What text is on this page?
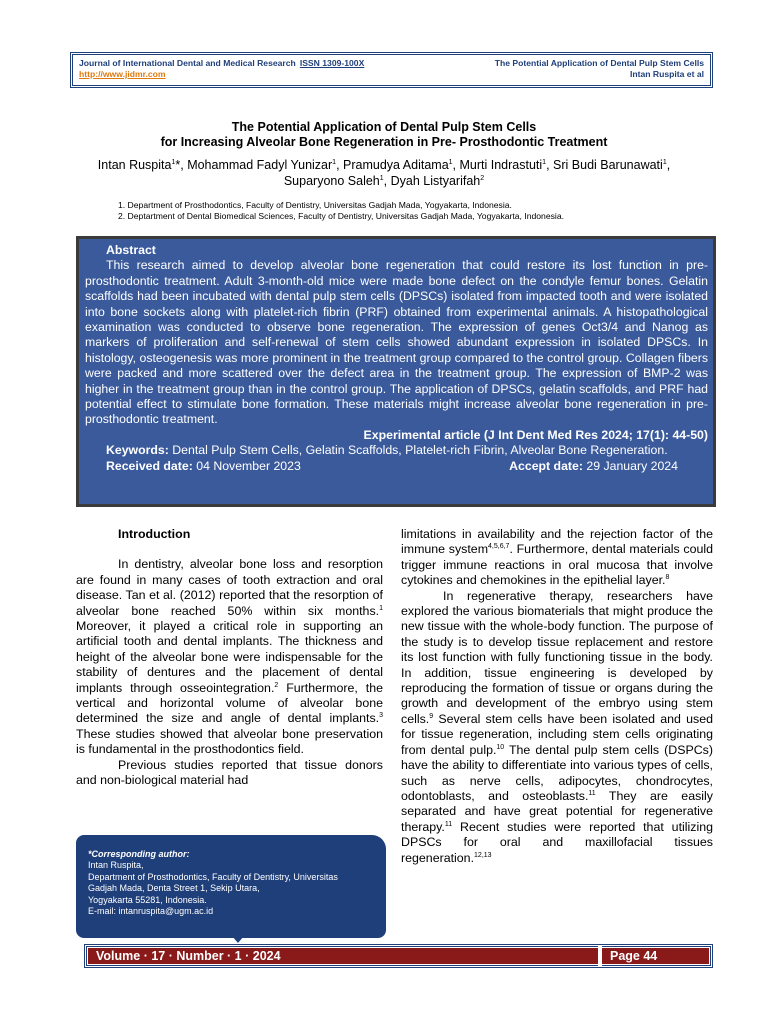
Journal of International Dental and Medical Research ISSN 1309-100X	The Potential Application of Dental Pulp Stem Cells
http://www.jidmr.com	Intan Ruspita et al
The Potential Application of Dental Pulp Stem Cells
for Increasing Alveolar Bone Regeneration in Pre- Prosthodontic Treatment
Intan Ruspita$^1$*, Mohammad Fadyl Yunizar$^1$, Pramudya Aditama$^1$, Murti Indrastuti$^1$, Sri Budi Barunawati$^1$, Suparyono Saleh$^1$, Dyah Listyarifah$^2$
1. Department of Prosthodontics, Faculty of Dentistry, Universitas Gadjah Mada, Yogyakarta, Indonesia.
2. Deptartment of Dental Biomedical Sciences, Faculty of Dentistry, Universitas Gadjah Mada, Yogyakarta, Indonesia.
Abstract
This research aimed to develop alveolar bone regeneration that could restore its lost function in pre-prosthodontic treatment. Adult 3-month-old mice were made bone defect on the condyle femur bones. Gelatin scaffolds had been incubated with dental pulp stem cells (DPSCs) isolated from impacted tooth and were isolated into bone sockets along with platelet-rich fibrin (PRF) obtained from experimental animals. A histopathological examination was conducted to observe bone regeneration. The expression of genes Oct3/4 and Nanog as markers of proliferation and self-renewal of stem cells showed abundant expression in isolated DPSCs. In histology, osteogenesis was more prominent in the treatment group compared to the control group. Collagen fibers were packed and more scattered over the defect area in the treatment group. The expression of BMP-2 was higher in the treatment group than in the control group. The application of DPSCs, gelatin scaffolds, and PRF had potential effect to stimulate bone formation. These materials might increase alveolar bone regeneration in pre-prosthodontic treatment.
Experimental article (J Int Dent Med Res 2024; 17(1): 44-50)
Keywords: Dental Pulp Stem Cells, Gelatin Scaffolds, Platelet-rich Fibrin, Alveolar Bone Regeneration.
Received date: 04 November 2023	Accept date: 29 January 2024

Introduction

In dentistry, alveolar bone loss and resorption are found in many cases of tooth extraction and oral disease. Tan et al. (2012) reported that the resorption of alveolar bone reached 50% within six months.$^1$ Moreover, it played a critical role in supporting an artificial tooth and dental implants. The thickness and height of the alveolar bone were indispensable for the stability of dentures and the placement of dental implants through osseointegration.$^2$ Furthermore, the vertical and horizontal volume of alveolar bone determined the size and angle of dental implants.$^3$ These studies showed that alveolar bone preservation is fundamental in the prosthodontics field.

Previous studies reported that tissue donors and non-biological material had

limitations in availability and the rejection factor of the immune system$^{4,5,6,7}$. Furthermore, dental materials could trigger immune reactions in oral mucosa that involve cytokines and chemokines in the epithelial layer.$^8$

In regenerative therapy, researchers have explored the various biomaterials that might produce the new tissue with the whole-body function. The purpose of the study is to develop tissue replacement and restore its lost function with fully functioning tissue in the body. In addition, tissue engineering is developed by reproducing the formation of tissue or organs during the growth and development of the embryo using stem cells.$^9$ Several stem cells have been isolated and used for tissue regeneration, including stem cells originating from dental pulp.$^{10}$ The dental pulp stem cells (DSPCs) have the ability to differentiate into various types of cells, such as nerve cells, adipocytes, chondrocytes, odontoblasts, and osteoblasts.$^{11}$ They are easily separated and have great potential for regenerative therapy.$^{11}$ Recent studies were reported that utilizing DPSCs for oral and maxillofacial tissues regeneration.$^{12,13}$

*Corresponding author:
Intan Ruspita,
Department of Prosthodontics, Faculty of Dentistry, Universitas
Gadjah Mada, Denta Street 1, Sekip Utara,
Yogyakarta 55281, Indonesia.
E-mail: intanruspita@ugm.ac.id
Volume · 17 · Number · 1 · 2024	Page 44
